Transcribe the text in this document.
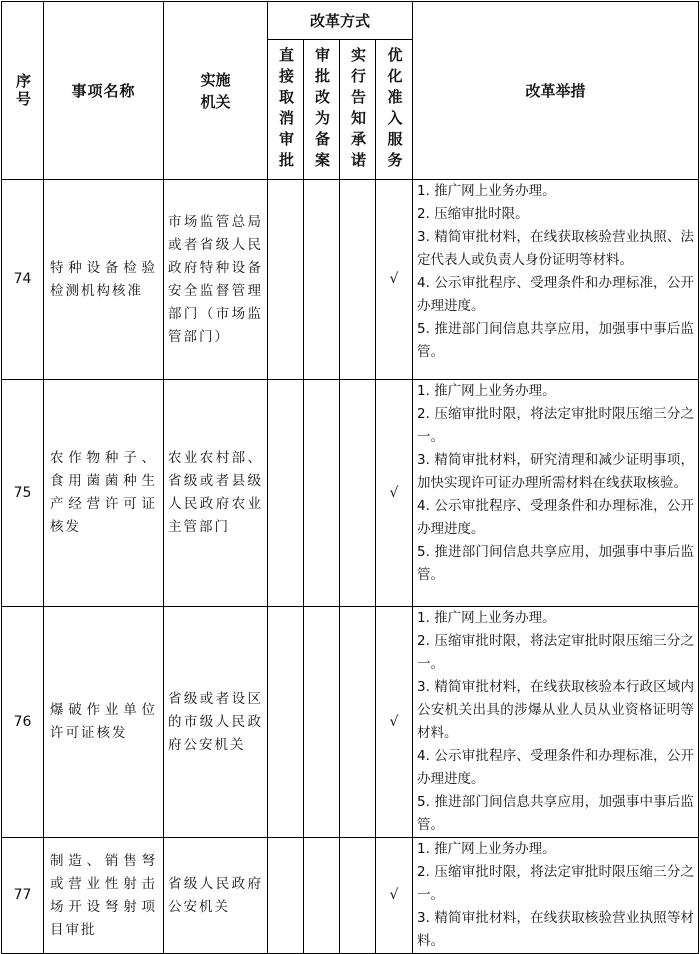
序号	事项名称	实施机关	改革方式				改革举措

			直接取消审批	审批改为备案	实行告知承诺	优化准入服务	

74	特种设备检验检测机构核准	市场监管总局或者省级人民政府特种设备安全监督管理部门（市场监管部门）				√	1. 推广网上业务办理。
2. 压缩审批时限。
3. 精简审批材料，在线获取核验营业执照、法定代表人或负责人身份证明等材料。
4. 公示审批程序、受理条件和办理标准，公开办理进度。
5. 推进部门间信息共享应用，加强事中事后监管。

75	农作物种子、食用菌菌种生产经营许可证核发	农业农村部、省级或者县级人民政府农业主管部门				√	1. 推广网上业务办理。
2. 压缩审批时限，将法定审批时限压缩三分之一。
3. 精简审批材料，研究清理和减少证明事项，加快实现许可证办理所需材料在线获取核验。
4. 公示审批程序、受理条件和办理标准，公开办理进度。
5. 推进部门间信息共享应用，加强事中事后监管。

76	爆破作业单位许可证核发	省级或者设区的市级人民政府公安机关				√	1. 推广网上业务办理。
2. 压缩审批时限，将法定审批时限压缩三分之一。
3. 精简审批材料，在线获取核验本行政区域内公安机关出具的涉爆从业人员从业资格证明等材料。
4. 公示审批程序、受理条件和办理标准，公开办理进度。
5. 推进部门间信息共享应用，加强事中事后监管。

77	制造、销售弩或营业性射击场开设弩射项目审批	省级人民政府公安机关				√	1. 推广网上业务办理。
2. 压缩审批时限，将法定审批时限压缩三分之一。
3. 精简审批材料，在线获取核验营业执照等材料。
